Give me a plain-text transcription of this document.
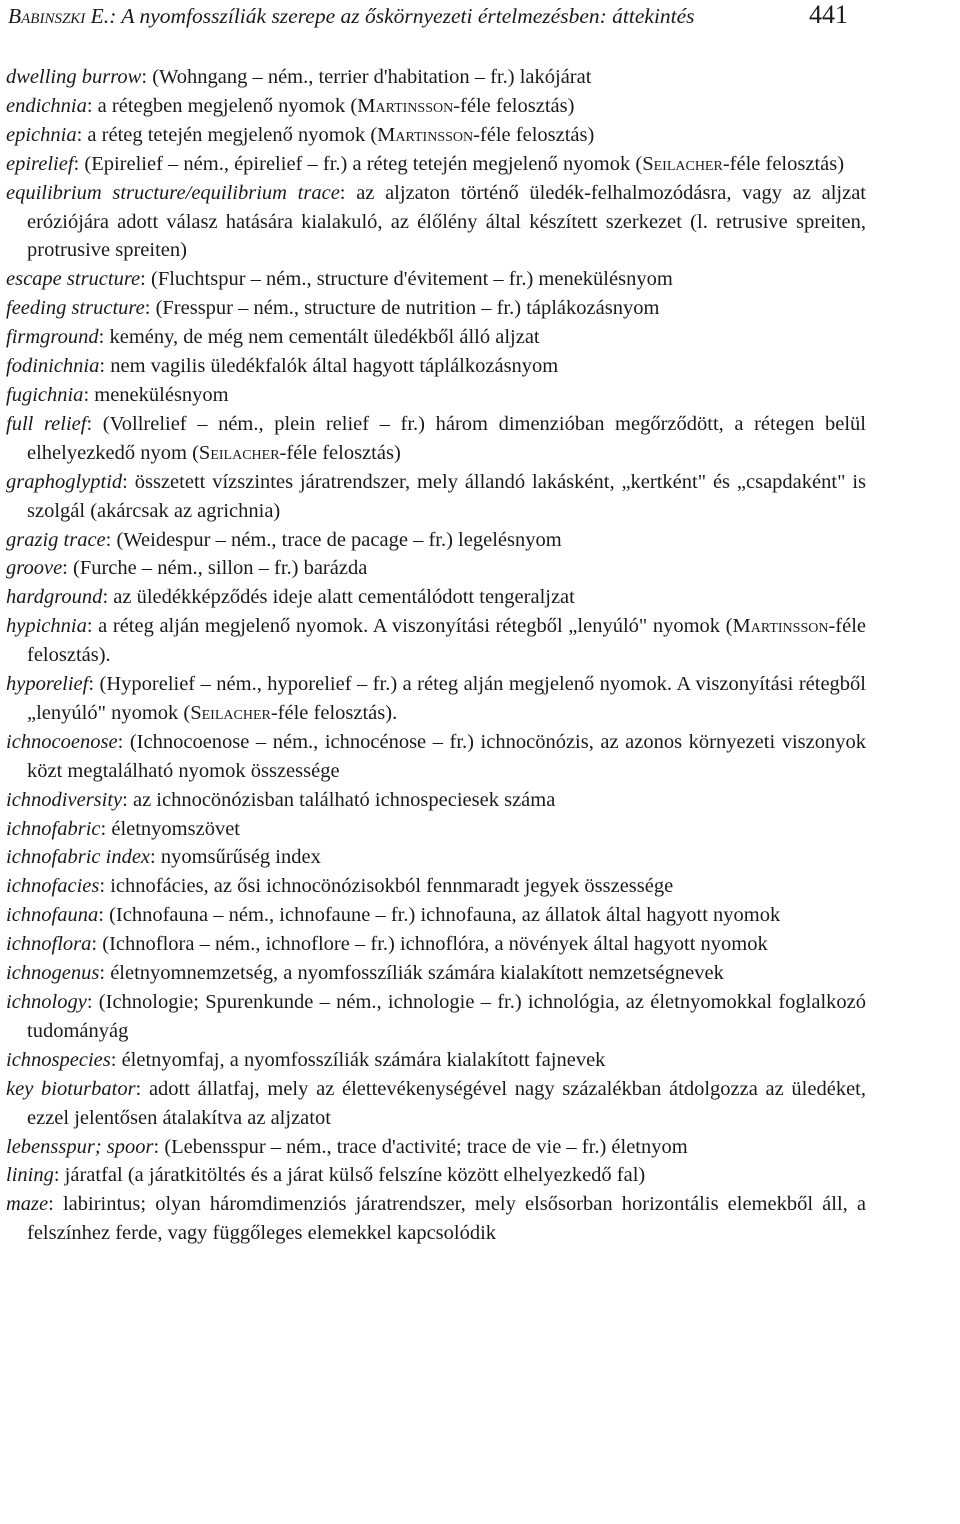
Babinszki E.: A nyomfosszíliák szerepe az őskörnyezeti értelmezésben: áttekintés	441

dwelling burrow: (Wohngang – ném., terrier d'habitation – fr.) lakójárat

endichnia: a rétegben megjelenő nyomok (Martinsson-féle felosztás)

epichnia: a réteg tetején megjelenő nyomok (Martinsson-féle felosztás)

epirelief: (Epirelief – ném., épirelief – fr.) a réteg tetején megjelenő nyomok (Seilacher-féle felosztás)

equilibrium structure/equilibrium trace: az aljzaton történő üledék-felhalmozódásra, vagy az aljzat eróziójára adott válasz hatására kialakuló, az élőlény által készített szerkezet (l. retrusive spreiten, protrusive spreiten)

escape structure: (Fluchtspur – ném., structure d'évitement – fr.) menekülésnyom

feeding structure: (Fresspur – ném., structure de nutrition – fr.) táplákozásnyom

firmground: kemény, de még nem cementált üledékből álló aljzat

fodinichnia: nem vagilis üledékfalók által hagyott táplálkozásnyom

fugichnia: menekülésnyom

full relief: (Vollrelief – ném., plein relief – fr.) három dimenzióban megőrződött, a rétegen belül elhelyezkedő nyom (Seilacher-féle felosztás)

graphoglyptid: összetett vízszintes járatrendszer, mely állandó lakásként, „kertként" és „csapdaként" is szolgál (akárcsak az agrichnia)

grazig trace: (Weidespur – ném., trace de pacage – fr.) legelésnyom

groove: (Furche – ném., sillon – fr.) barázda

hardground: az üledékképződés ideje alatt cementálódott tengeraljzat

hypichnia: a réteg alján megjelenő nyomok. A viszonyítási rétegből „lenyúló" nyomok (Martinsson-féle felosztás).

hyporelief: (Hyporelief – ném., hyporelief – fr.) a réteg alján megjelenő nyomok. A viszonyítási rétegből „lenyúló" nyomok (Seilacher-féle felosztás).

ichnocoenose: (Ichnocoenose – ném., ichnocénose – fr.) ichnocönózis, az azonos környezeti viszonyok közt megtalálható nyomok összessége

ichnodiversity: az ichnocönózisban található ichnospeciesek száma

ichnofabric: életnyomszövet

ichnofabric index: nyomsűrűség index

ichnofacies: ichnofácies, az ősi ichnocönózisokból fennmaradt jegyek összessége

ichnofauna: (Ichnofauna – ném., ichnofaune – fr.) ichnofauna, az állatok által hagyott nyomok

ichnoflora: (Ichnoflora – ném., ichnoflore – fr.) ichnoflóra, a növények által hagyott nyomok

ichnogenus: életnyomnemzetség, a nyomfosszíliák számára kialakított nemzetségnevek

ichnology: (Ichnologie; Spurenkunde – ném., ichnologie – fr.) ichnológia, az életnyomokkal foglalkozó tudományág

ichnospecies: életnyomfaj, a nyomfosszíliák számára kialakított fajnevek

key bioturbator: adott állatfaj, mely az élettevékenységével nagy százalékban átdolgozza az üledéket, ezzel jelentősen átalakítva az aljzatot

lebensspur; spoor: (Lebensspur – ném., trace d'activité; trace de vie – fr.) életnyom

lining: járatfal (a járatkitöltés és a járat külső felszíne között elhelyezkedő fal)

maze: labirintus; olyan háromdimenziós járatrendszer, mely elsősorban horizontális elemekből áll, a felszínhez ferde, vagy függőleges elemekkel kapcsolódik
